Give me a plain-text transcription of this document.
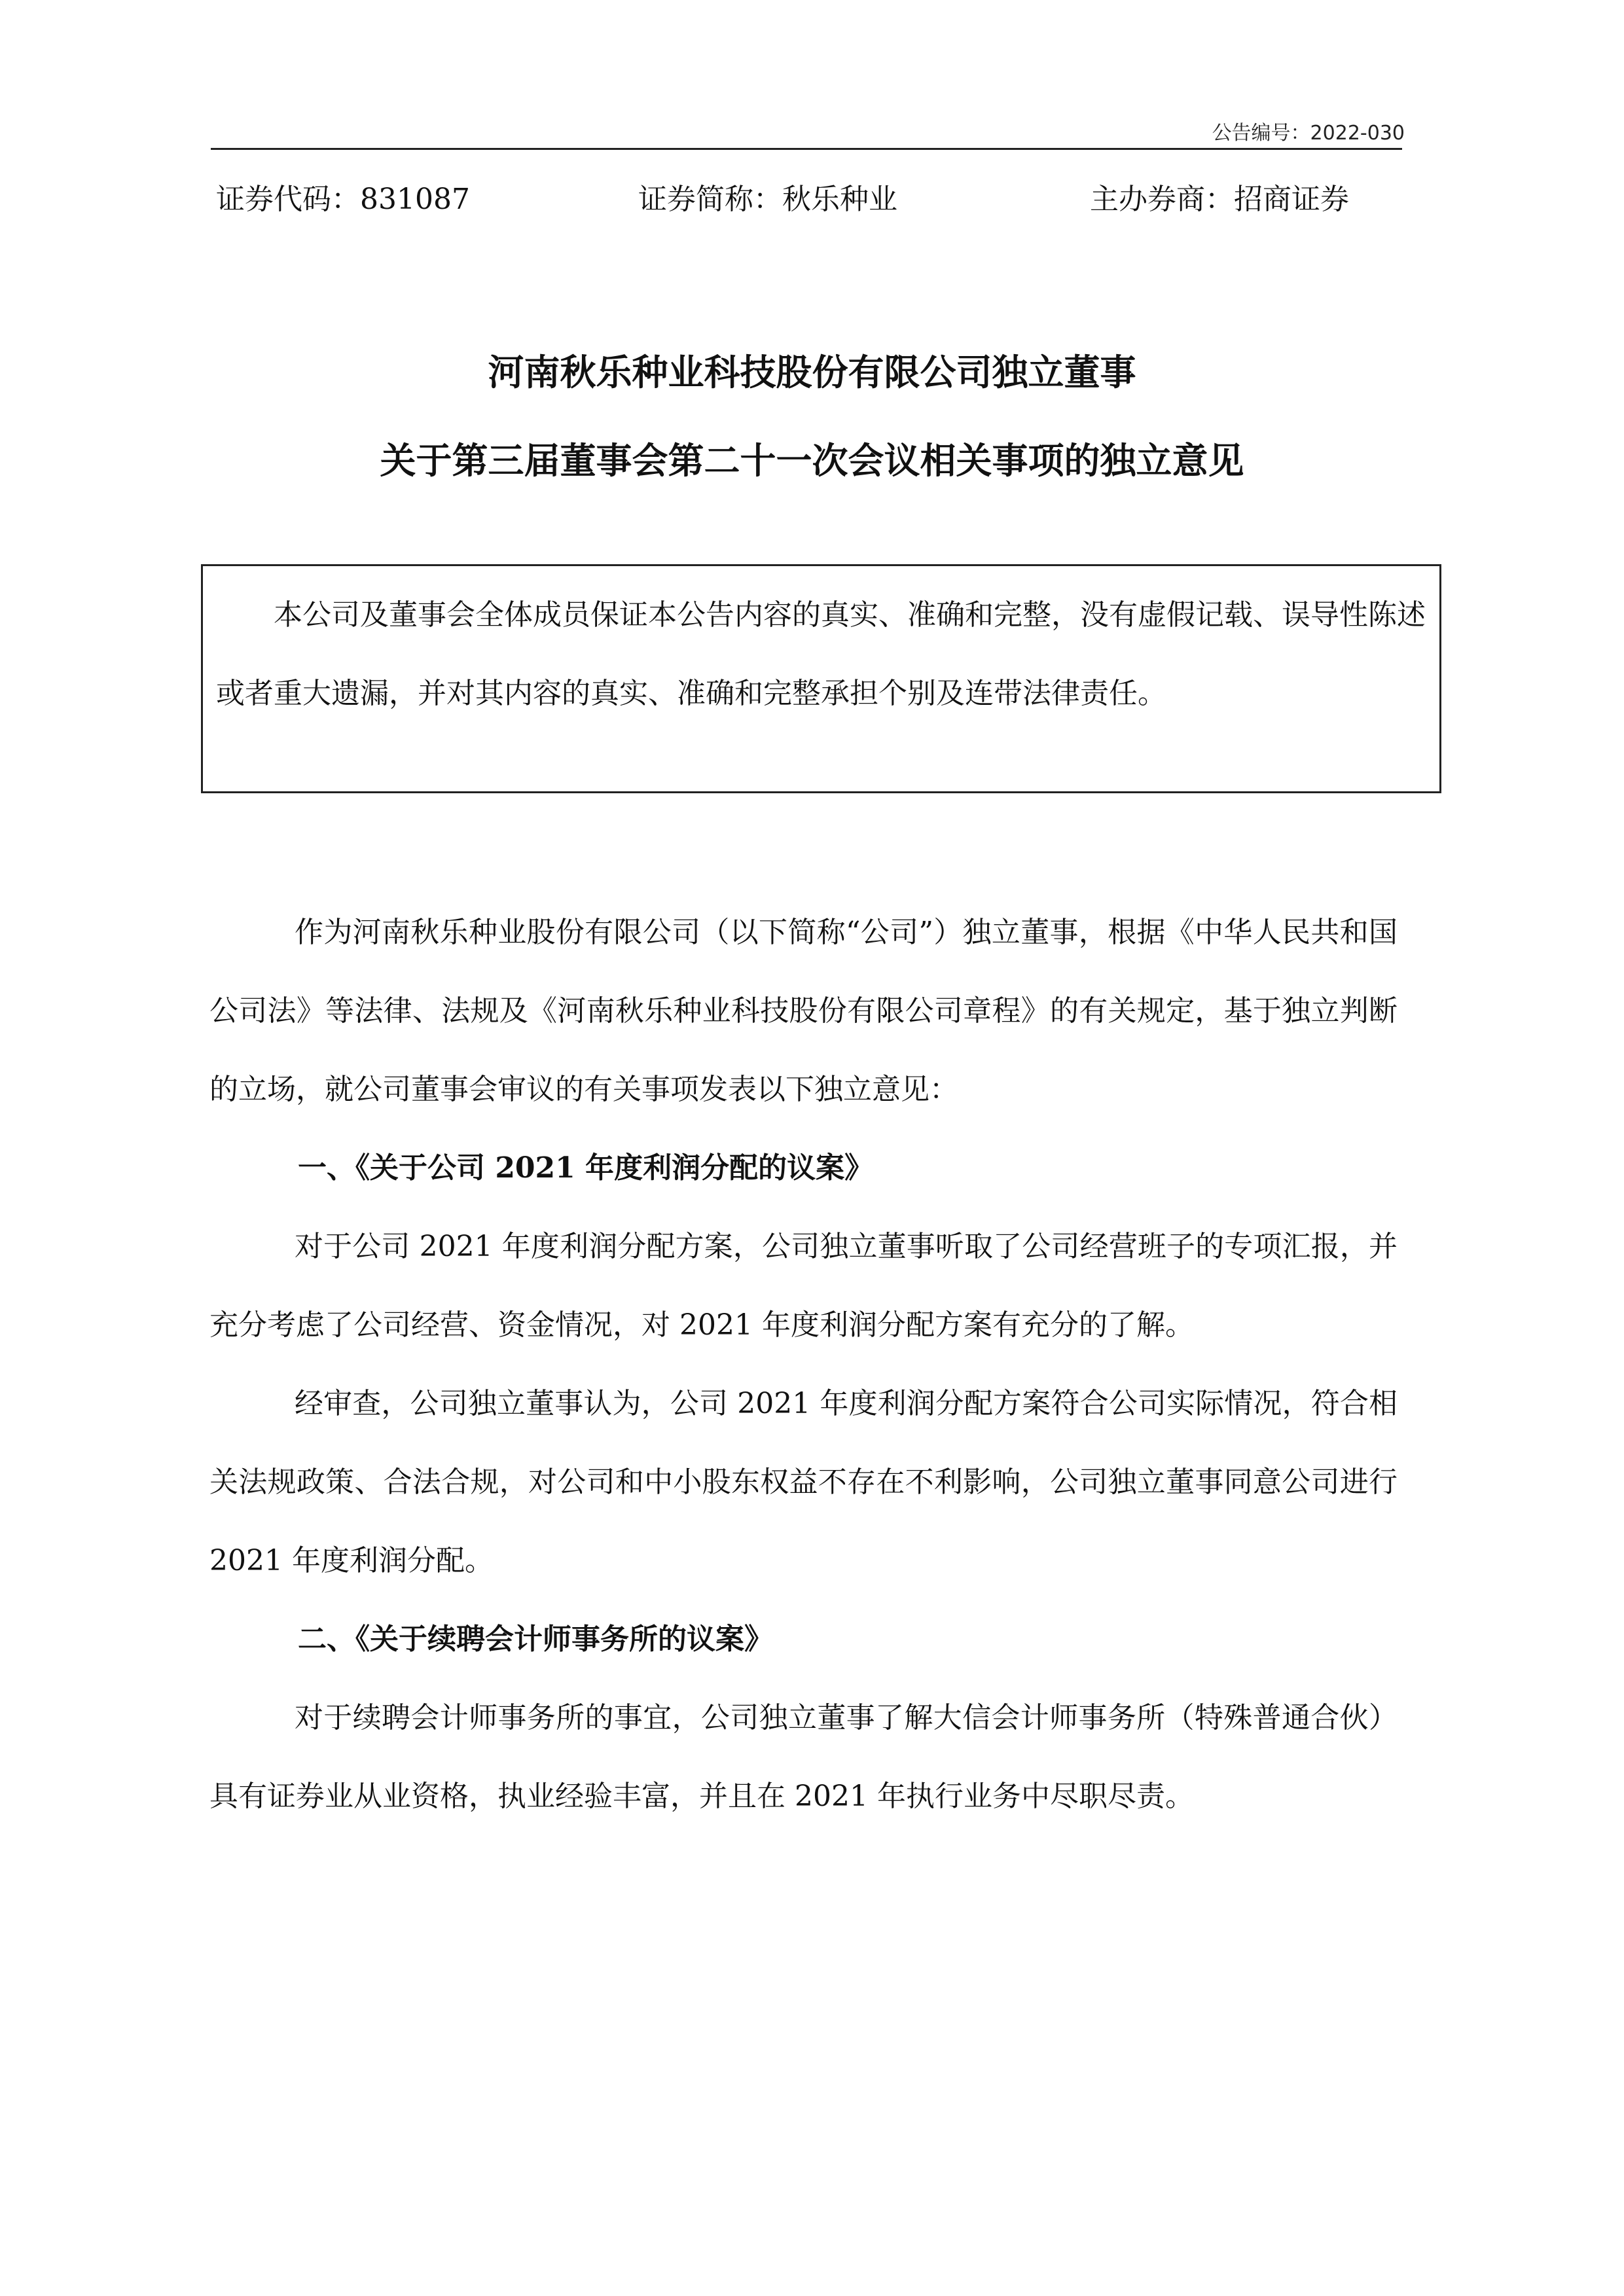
公告编号：2022-030
证券代码：831087	证券简称：秋乐种业	主办券商：招商证券
河南秋乐种业科技股份有限公司独立董事
关于第三届董事会第二十一次会议相关事项的独立意见
本公司及董事会全体成员保证本公告内容的真实、准确和完整，没有虚假记载、误导性陈述或者重大遗漏，并对其内容的真实、准确和完整承担个别及连带法律责任。

作为河南秋乐种业股份有限公司（以下简称“公司”）独立董事，根据《中华人民共和国公司法》等法律、法规及《河南秋乐种业科技股份有限公司章程》的有关规定，基于独立判断的立场，就公司董事会审议的有关事项发表以下独立意见：

一、《关于公司 2021 年度利润分配的议案》

对于公司 2021 年度利润分配方案，公司独立董事听取了公司经营班子的专项汇报，并充分考虑了公司经营、资金情况，对 2021 年度利润分配方案有充分的了解。

经审查，公司独立董事认为，公司 2021 年度利润分配方案符合公司实际情况，符合相关法规政策、合法合规，对公司和中小股东权益不存在不利影响，公司独立董事同意公司进行 2021 年度利润分配。

二、《关于续聘会计师事务所的议案》

对于续聘会计师事务所的事宜，公司独立董事了解大信会计师事务所（特殊普通合伙）具有证券业从业资格，执业经验丰富，并且在 2021 年执行业务中尽职尽责。
